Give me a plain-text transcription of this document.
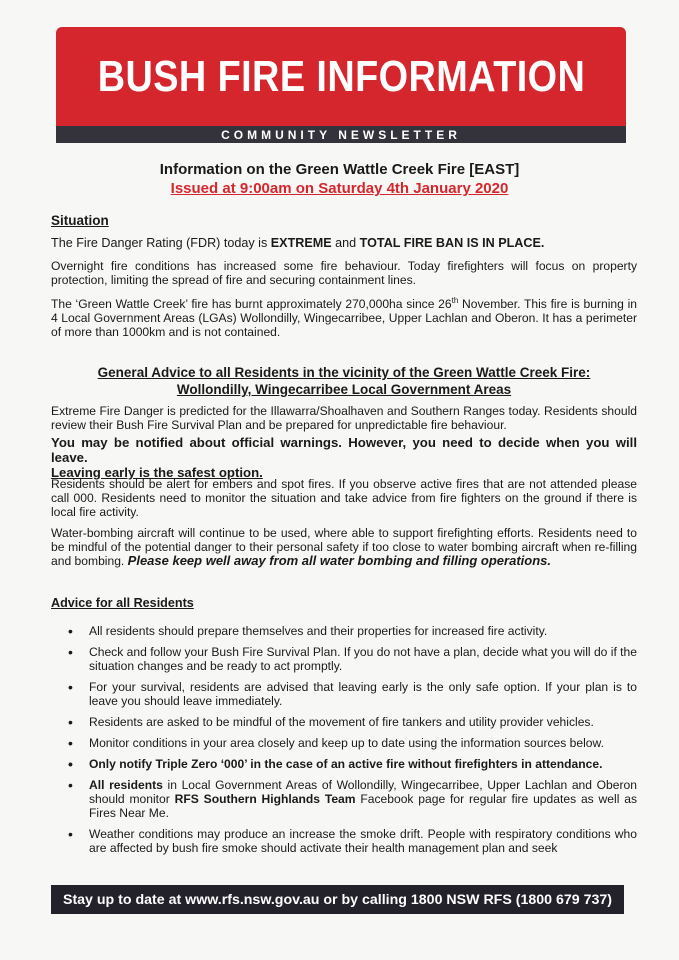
BUSH FIRE INFORMATION
COMMUNITY NEWSLETTER
Information on the Green Wattle Creek Fire [EAST]
Issued at 9:00am on Saturday 4th January 2020
Situation
The Fire Danger Rating (FDR) today is EXTREME and TOTAL FIRE BAN IS IN PLACE.
Overnight fire conditions has increased some fire behaviour. Today firefighters will focus on property protection, limiting the spread of fire and securing containment lines.
The ‘Green Wattle Creek’ fire has burnt approximately 270,000ha since 26th November. This fire is burning in 4 Local Government Areas (LGAs) Wollondilly, Wingecarribee, Upper Lachlan and Oberon. It has a perimeter of more than 1000km and is not contained.
General Advice to all Residents in the vicinity of the Green Wattle Creek Fire:
Wollondilly, Wingecarribee Local Government Areas
Extreme Fire Danger is predicted for the Illawarra/Shoalhaven and Southern Ranges today. Residents should review their Bush Fire Survival Plan and be prepared for unpredictable fire behaviour.
You may be notified about official warnings. However, you need to decide when you will leave.
Leaving early is the safest option.
Residents should be alert for embers and spot fires. If you observe active fires that are not attended please call 000. Residents need to monitor the situation and take advice from fire fighters on the ground if there is local fire activity.
Water-bombing aircraft will continue to be used, where able to support firefighting efforts. Residents need to be mindful of the potential danger to their personal safety if too close to water bombing aircraft when re-filling and bombing. Please keep well away from all water bombing and filling operations.
Advice for all Residents
• All residents should prepare themselves and their properties for increased fire activity.
• Check and follow your Bush Fire Survival Plan. If you do not have a plan, decide what you will do if the situation changes and be ready to act promptly.
• For your survival, residents are advised that leaving early is the only safe option. If your plan is to leave you should leave immediately.
• Residents are asked to be mindful of the movement of fire tankers and utility provider vehicles.
• Monitor conditions in your area closely and keep up to date using the information sources below.
• Only notify Triple Zero ‘000’ in the case of an active fire without firefighters in attendance.
• All residents in Local Government Areas of Wollondilly, Wingecarribee, Upper Lachlan and Oberon should monitor RFS Southern Highlands Team Facebook page for regular fire updates as well as Fires Near Me.
• Weather conditions may produce an increase the smoke drift. People with respiratory conditions who are affected by bush fire smoke should activate their health management plan and seek
Stay up to date at www.rfs.nsw.gov.au or by calling 1800 NSW RFS (1800 679 737)
